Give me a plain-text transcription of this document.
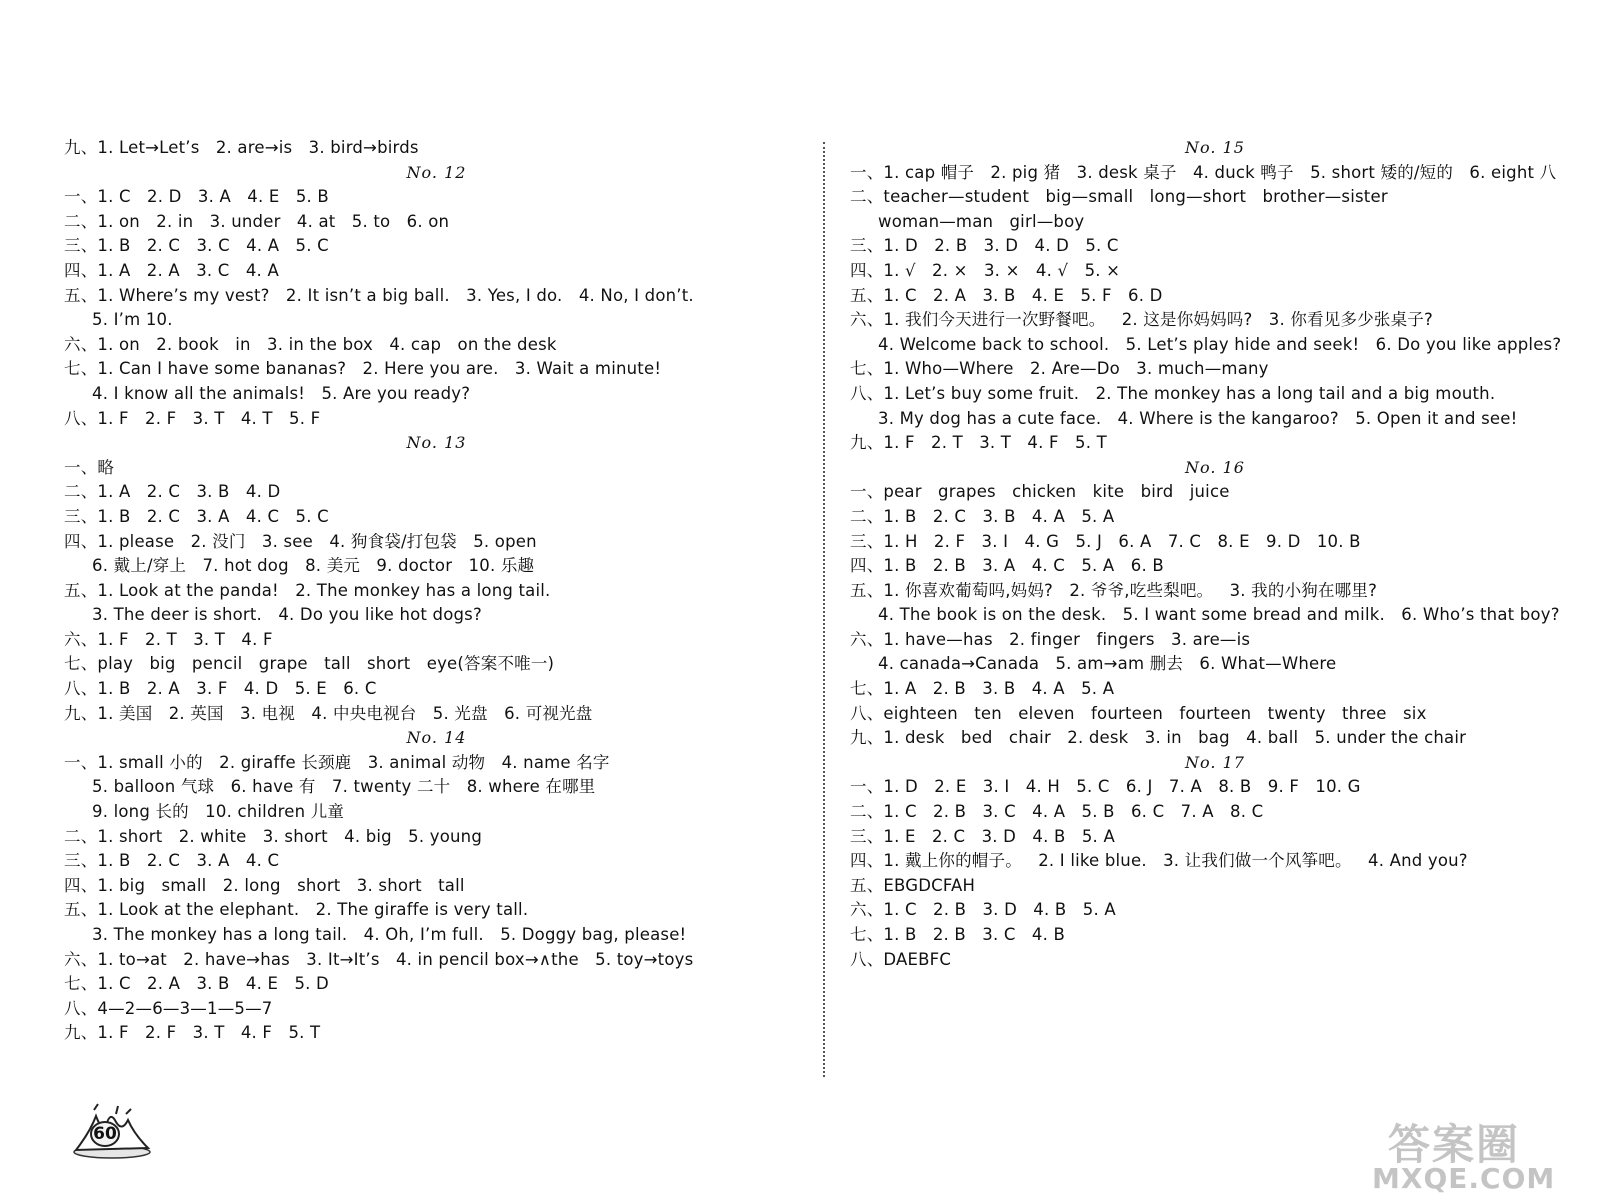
九、1. Let→Let’s   2. are→is   3. bird→birds
No. 12
一、1. C   2. D   3. A   4. E   5. B
二、1. on   2. in   3. under   4. at   5. to   6. on
三、1. B   2. C   3. C   4. A   5. C
四、1. A   2. A   3. C   4. A
五、1. Where’s my vest?   2. It isn’t a big ball.   3. Yes, I do.   4. No, I don’t.
5. I’m 10.
六、1. on   2. book   in   3. in the box   4. cap   on the desk
七、1. Can I have some bananas?   2. Here you are.   3. Wait a minute!
4. I know all the animals!   5. Are you ready?
八、1. F   2. F   3. T   4. T   5. F
No. 13
一、略
二、1. A   2. C   3. B   4. D
三、1. B   2. C   3. A   4. C   5. C
四、1. please   2. 没门   3. see   4. 狗食袋/打包袋   5. open
6. 戴上/穿上   7. hot dog   8. 美元   9. doctor   10. 乐趣
五、1. Look at the panda!   2. The monkey has a long tail.
3. The deer is short.   4. Do you like hot dogs?
六、1. F   2. T   3. T   4. F
七、play   big   pencil   grape   tall   short   eye(答案不唯一)
八、1. B   2. A   3. F   4. D   5. E   6. C
九、1. 美国   2. 英国   3. 电视   4. 中央电视台   5. 光盘   6. 可视光盘
No. 14
一、1. small 小的   2. giraffe 长颈鹿   3. animal 动物   4. name 名字
5. balloon 气球   6. have 有   7. twenty 二十   8. where 在哪里
9. long 长的   10. children 儿童
二、1. short   2. white   3. short   4. big   5. young
三、1. B   2. C   3. A   4. C
四、1. big   small   2. long   short   3. short   tall
五、1. Look at the elephant.   2. The giraffe is very tall.
3. The monkey has a long tail.   4. Oh, I’m full.   5. Doggy bag, please!
六、1. to→at   2. have→has   3. It→It’s   4. in pencil box→∧the   5. toy→toys
七、1. C   2. A   3. B   4. E   5. D
八、4—2—6—3—1—5—7
九、1. F   2. F   3. T   4. F   5. T
No. 15
一、1. cap 帽子   2. pig 猪   3. desk 桌子   4. duck 鸭子   5. short 矮的/短的   6. eight 八
二、teacher—student   big—small   long—short   brother—sister
woman—man   girl—boy
三、1. D   2. B   3. D   4. D   5. C
四、1. √   2. ×   3. ×   4. √   5. ×
五、1. C   2. A   3. B   4. E   5. F   6. D
六、1. 我们今天进行一次野餐吧。   2. 这是你妈妈吗?   3. 你看见多少张桌子?
4. Welcome back to school.   5. Let’s play hide and seek!   6. Do you like apples?
七、1. Who—Where   2. Are—Do   3. much—many
八、1. Let’s buy some fruit.   2. The monkey has a long tail and a big mouth.
3. My dog has a cute face.   4. Where is the kangaroo?   5. Open it and see!
九、1. F   2. T   3. T   4. F   5. T
No. 16
一、pear   grapes   chicken   kite   bird   juice
二、1. B   2. C   3. B   4. A   5. A
三、1. H   2. F   3. I   4. G   5. J   6. A   7. C   8. E   9. D   10. B
四、1. B   2. B   3. A   4. C   5. A   6. B
五、1. 你喜欢葡萄吗,妈妈?   2. 爷爷,吃些梨吧。   3. 我的小狗在哪里?
4. The book is on the desk.   5. I want some bread and milk.   6. Who’s that boy?
六、1. have—has   2. finger   fingers   3. are—is
4. canada→Canada   5. am→am 删去   6. What—Where
七、1. A   2. B   3. B   4. A   5. A
八、eighteen   ten   eleven   fourteen   fourteen   twenty   three   six
九、1. desk   bed   chair   2. desk   3. in   bag   4. ball   5. under the chair
No. 17
一、1. D   2. E   3. I   4. H   5. C   6. J   7. A   8. B   9. F   10. G
二、1. C   2. B   3. C   4. A   5. B   6. C   7. A   8. C
三、1. E   2. C   3. D   4. B   5. A
四、1. 戴上你的帽子。   2. I like blue.   3. 让我们做一个风筝吧。   4. And you?
五、EBGDCFAH
六、1. C   2. B   3. D   4. B   5. A
七、1. B   2. B   3. C   4. B
八、DAEBFC
60	答案圈
MXQE.COM
